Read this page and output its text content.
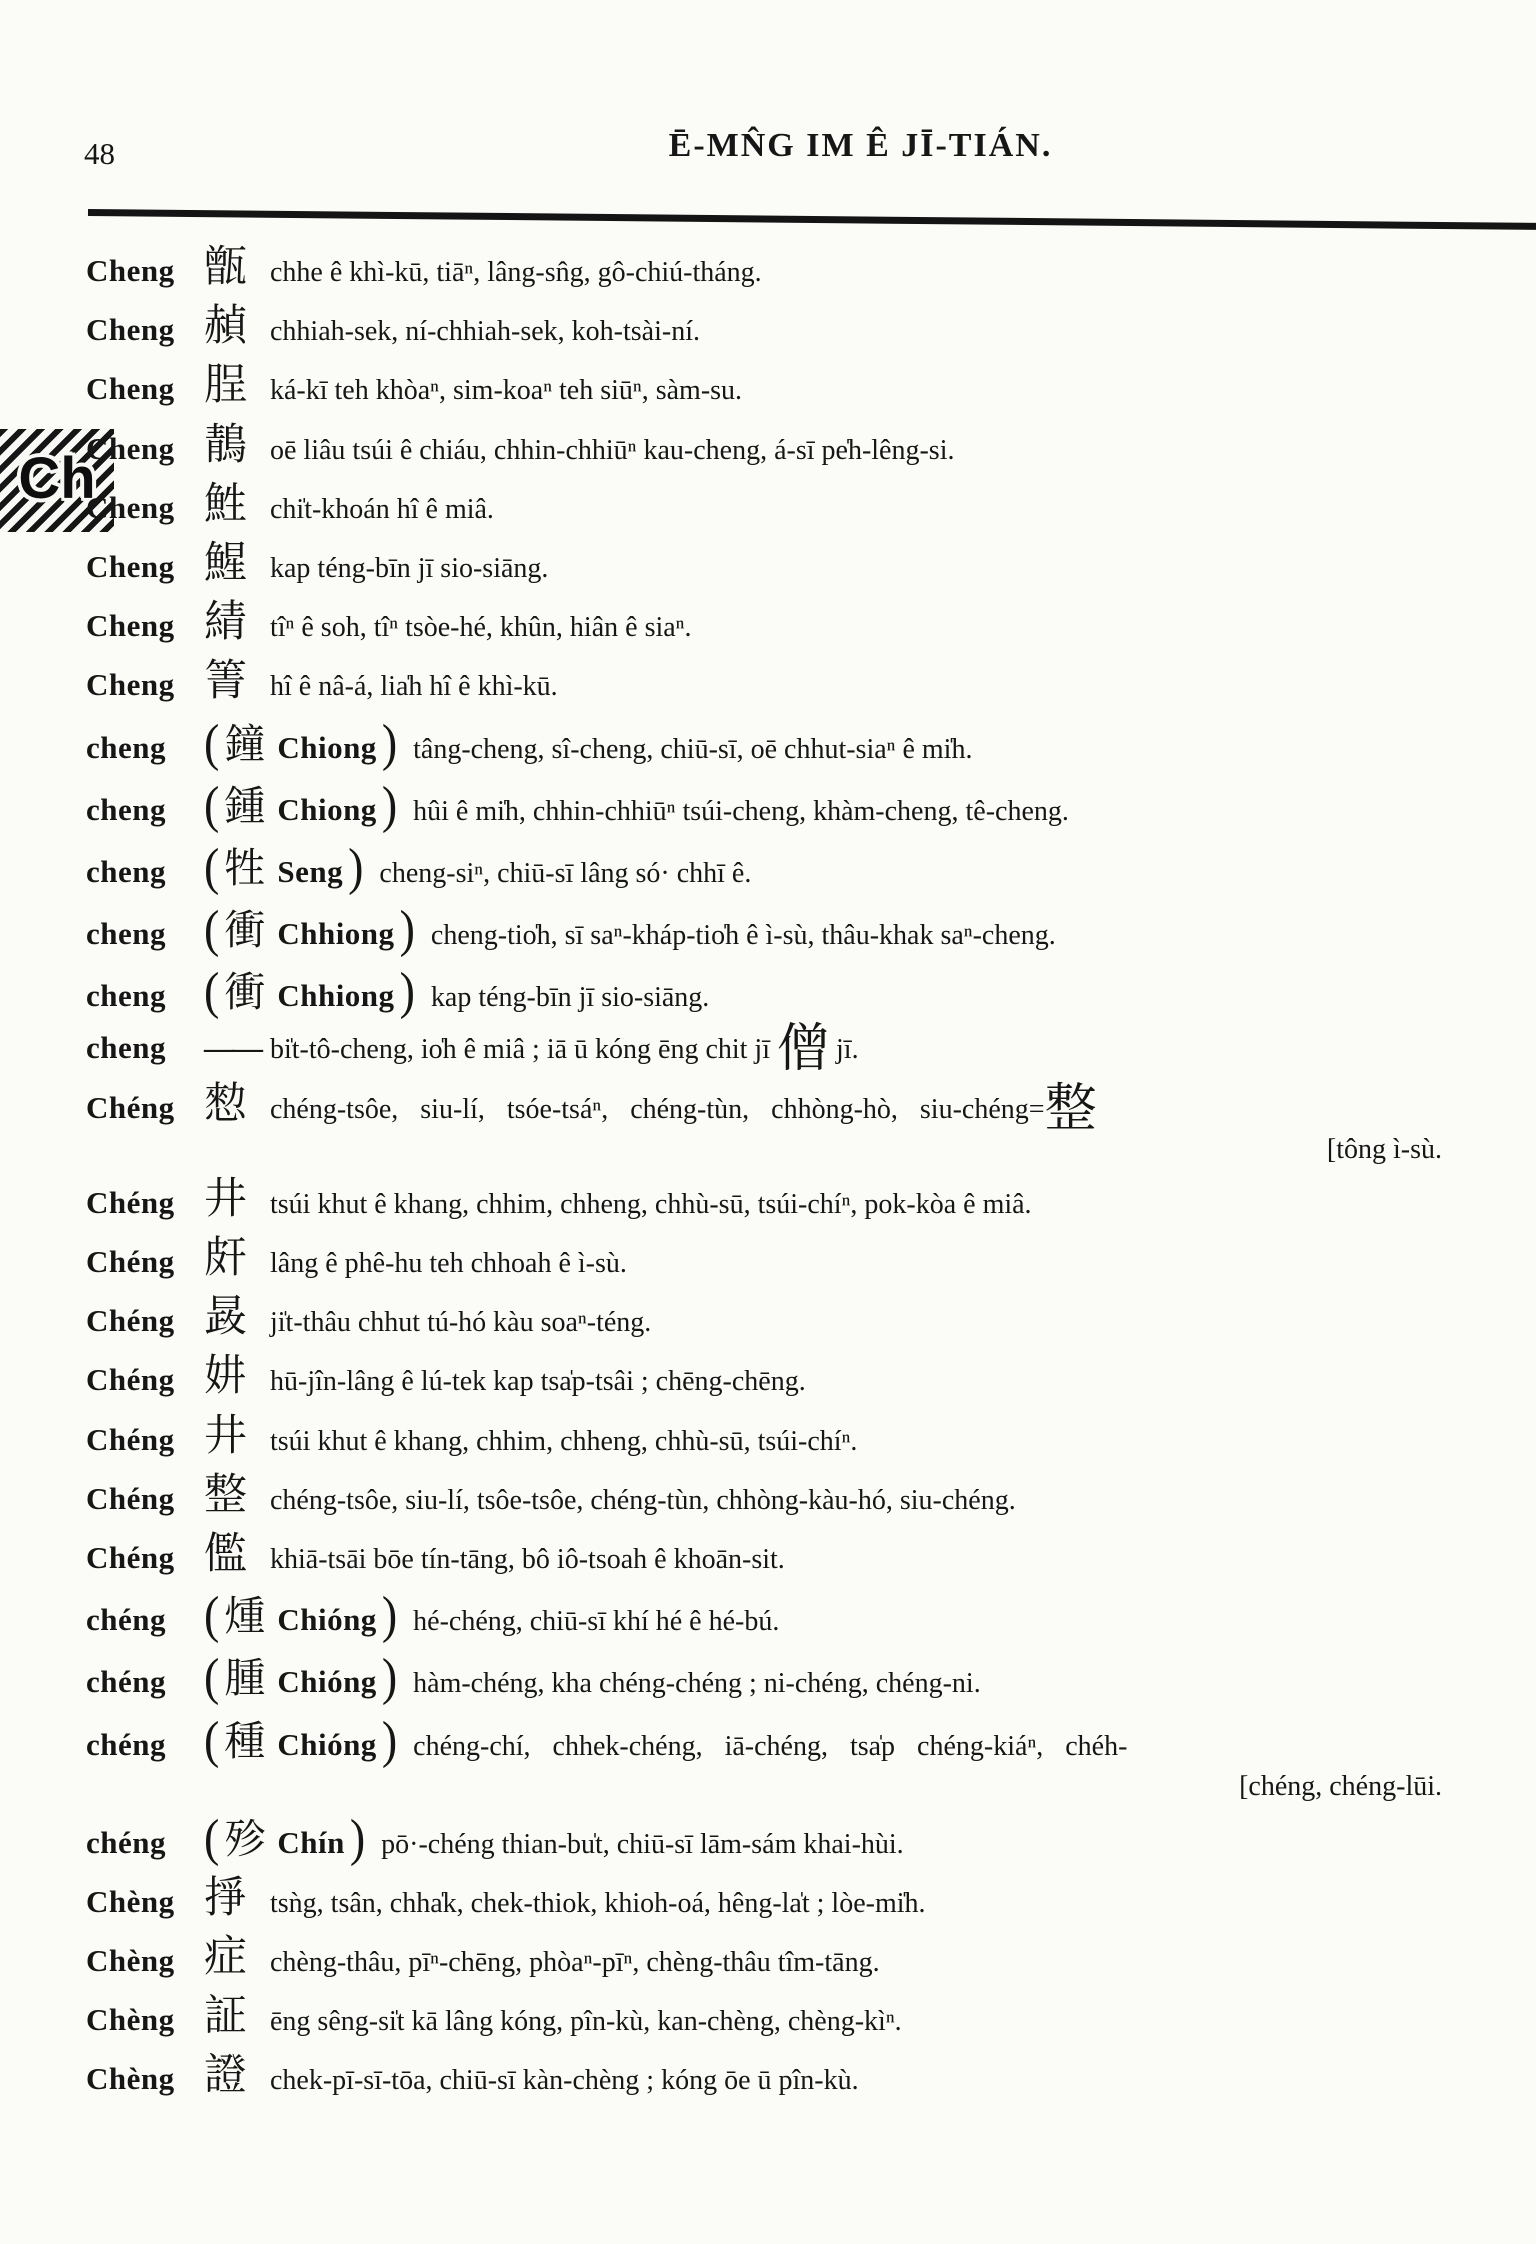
48	Ē-MN̂G IM Ê JĪ-TIÁN.
Ch
Cheng 甑 chhe ê khì-kū, tiāⁿ, lâng-sn̂g, gô-chiú-tháng.
Cheng 赬 chhiah-sek, ní-chhiah-sek, koh-tsài-ní.
Cheng 脭 ká-kī teh khòaⁿ, sim-koaⁿ teh siūⁿ, sàm-su.
Cheng 鶄 oē liâu tsúi ê chiáu, chhin-chhiūⁿ kau-cheng, á-sī pe̍h-lêng-si.
Cheng 鮏 chi̍t-khoán hî ê miâ.
Cheng 鯹 kap téng-bīn jī sio-siāng.
Cheng 綪 tîⁿ ê soh, tîⁿ tsòe-hé, khûn, hiân ê siaⁿ.
Cheng 箐 hî ê nâ-á, lia̍h hî ê khì-kū.
cheng ( 鐘 Chiong ) tâng-cheng, sî-cheng, chiū-sī, oē chhut-siaⁿ ê mi̍h.
cheng ( 鍾 Chiong ) hûi ê mi̍h, chhin-chhiūⁿ tsúi-cheng, khàm-cheng, tê-cheng.
cheng ( 牲 Seng ) cheng-siⁿ, chiū-sī lâng só· chhī ê.
cheng ( 衝 Chhiong ) cheng-tio̍h, sī saⁿ-kháp-tio̍h ê ì-sù, thâu-khak saⁿ-cheng.
cheng ( 衝 Chhiong ) kap téng-bīn jī sio-siāng.
cheng	—— bi̍t-tô-cheng, io̍h ê miâ ; iā ū kóng ēng chit jī 僧 jī.
Chéng 愸 chéng-tsôe, siu-lí, tsóe-tsáⁿ, chéng-tùn, chhòng-hò, siu-chéng=整
[tông ì-sù.
Chéng 井 tsúi khut ê khang, chhim, chheng, chhù-sū, tsúi-chíⁿ, pok-kòa ê miâ.
Chéng 皯 lâng ê phê-hu teh chhoah ê ì-sù.
Chéng 晸 ji̍t-thâu chhut tú-hó kàu soaⁿ-téng.
Chéng 妌 hū-jîn-lâng ê lú-tek kap tsa̍p-tsâi ; chēng-chēng.
Chéng 井 tsúi khut ê khang, chhim, chheng, chhù-sū, tsúi-chíⁿ.
Chéng 整 chéng-tsôe, siu-lí, tsôe-tsôe, chéng-tùn, chhòng-kàu-hó, siu-chéng.
Chéng 儖 khiā-tsāi bōe tín-tāng, bô iô-tsoah ê khoān-sit.
chéng ( 煄 Chióng ) hé-chéng, chiū-sī khí hé ê hé-bú.
chéng ( 腫 Chióng ) hàm-chéng, kha chéng-chéng ; ni-chéng, chéng-ni.
chéng ( 種 Chióng ) chéng-chí, chhek-chéng, iā-chéng, tsa̍p chéng-kiáⁿ, chéh-
[chéng, chéng-lūi.
chéng ( 殄 Chín ) pō·-chéng thian-bu̍t, chiū-sī lām-sám khai-hùi.
Chèng 掙 tsǹg, tsân, chha̍k, chek-thiok, khioh-oá, hêng-la̍t ; lòe-mi̍h.
Chèng 症 chèng-thâu, pīⁿ-chēng, phòaⁿ-pīⁿ, chèng-thâu tîm-tāng.
Chèng 証 ēng sêng-si̍t kā lâng kóng, pîn-kù, kan-chèng, chèng-kìⁿ.
Chèng 證 chek-pī-sī-tōa, chiū-sī kàn-chèng ; kóng ōe ū pîn-kù.
